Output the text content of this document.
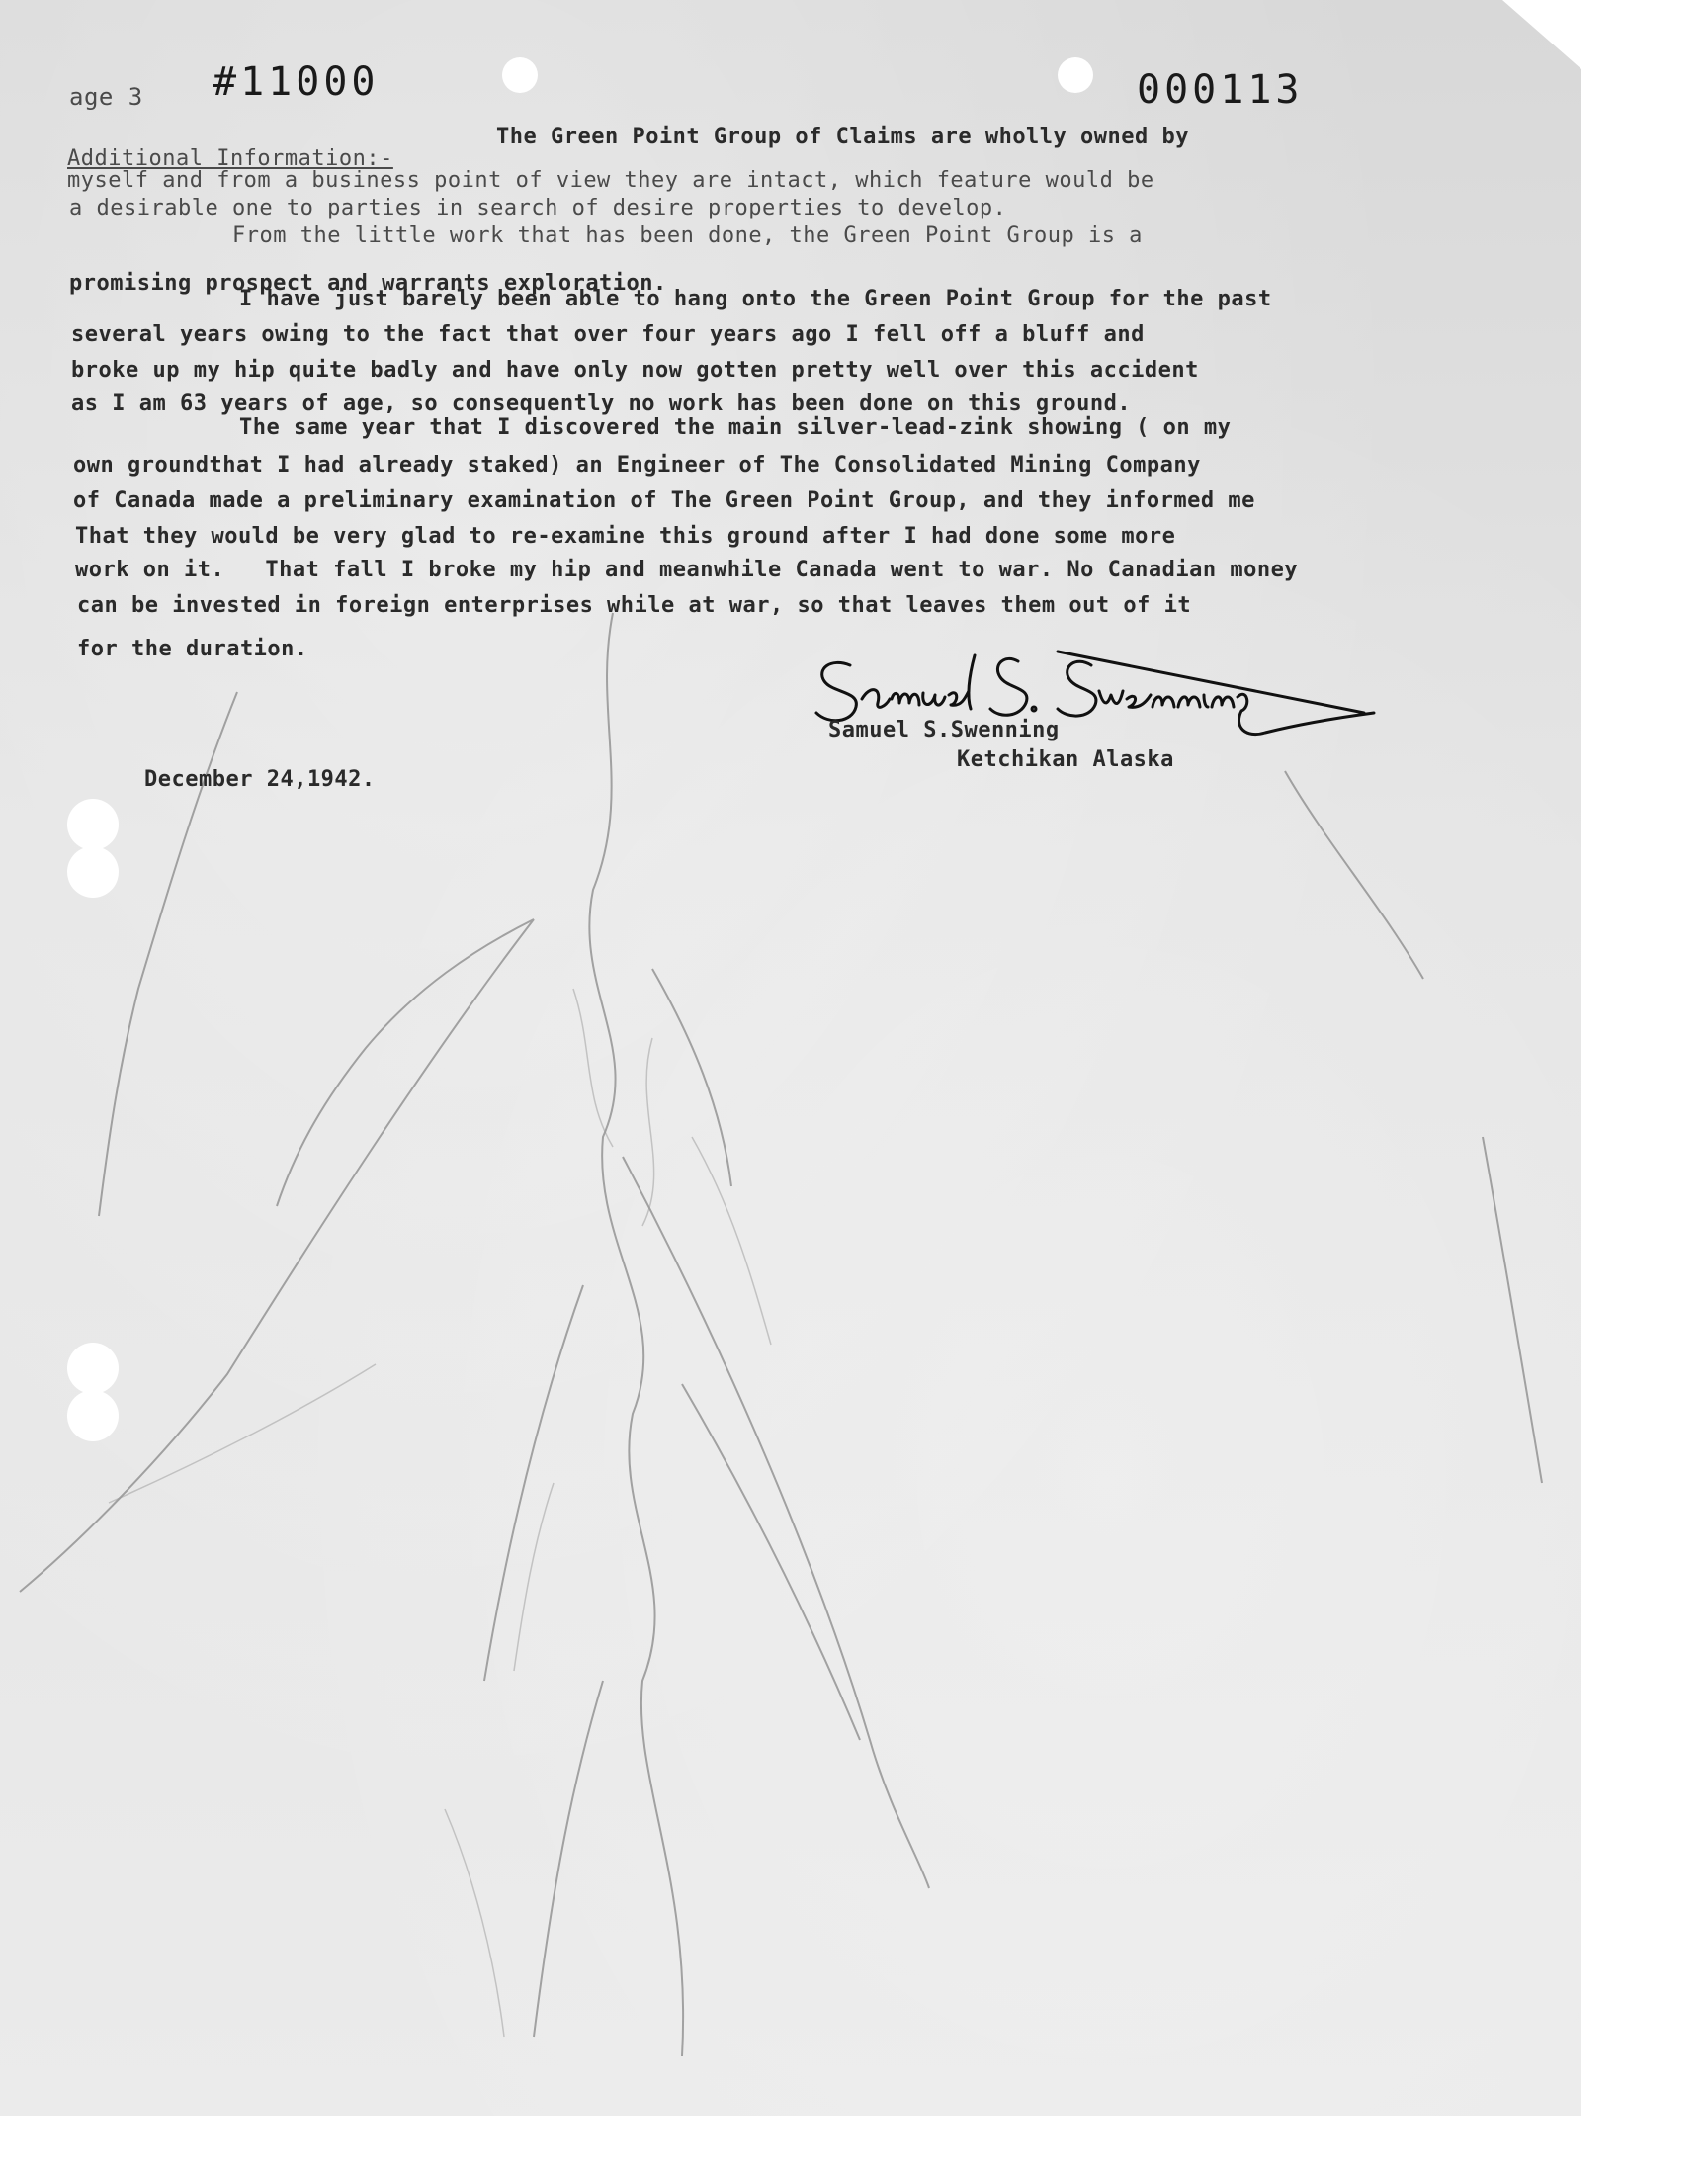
age 3 #11000	000113
Additional Information:-
The Green Point Group of Claims are wholly owned by
myself and from a business point of view they are intact, which feature would be
a desirable one to parties in search of desire properties to develop.
From the little work that has been done, the Green Point Group is a
promising prospect and warrants exploration.
I have just barely been able to hang onto the Green Point Group for the past
several years owing to the fact that over four years ago I fell off a bluff and
broke up my hip quite badly and have only now gotten pretty well over this accident
as I am 63 years of age, so consequently no work has been done on this ground.
The same year that I discovered the main silver-lead-zink showing ( on my
own groundthat I had already staked) an Engineer of The Consolidated Mining Company
of Canada made a preliminary examination of The Green Point Group, and they informed me
That they would be very glad to re-examine this ground after I had done some more
work on it.   That fall I broke my hip and meanwhile Canada went to war. No Canadian money
can be invested in foreign enterprises while at war, so that leaves them out of it
for the duration.
Samuel S.Swenning
Ketchikan Alaska
December 24,1942.
